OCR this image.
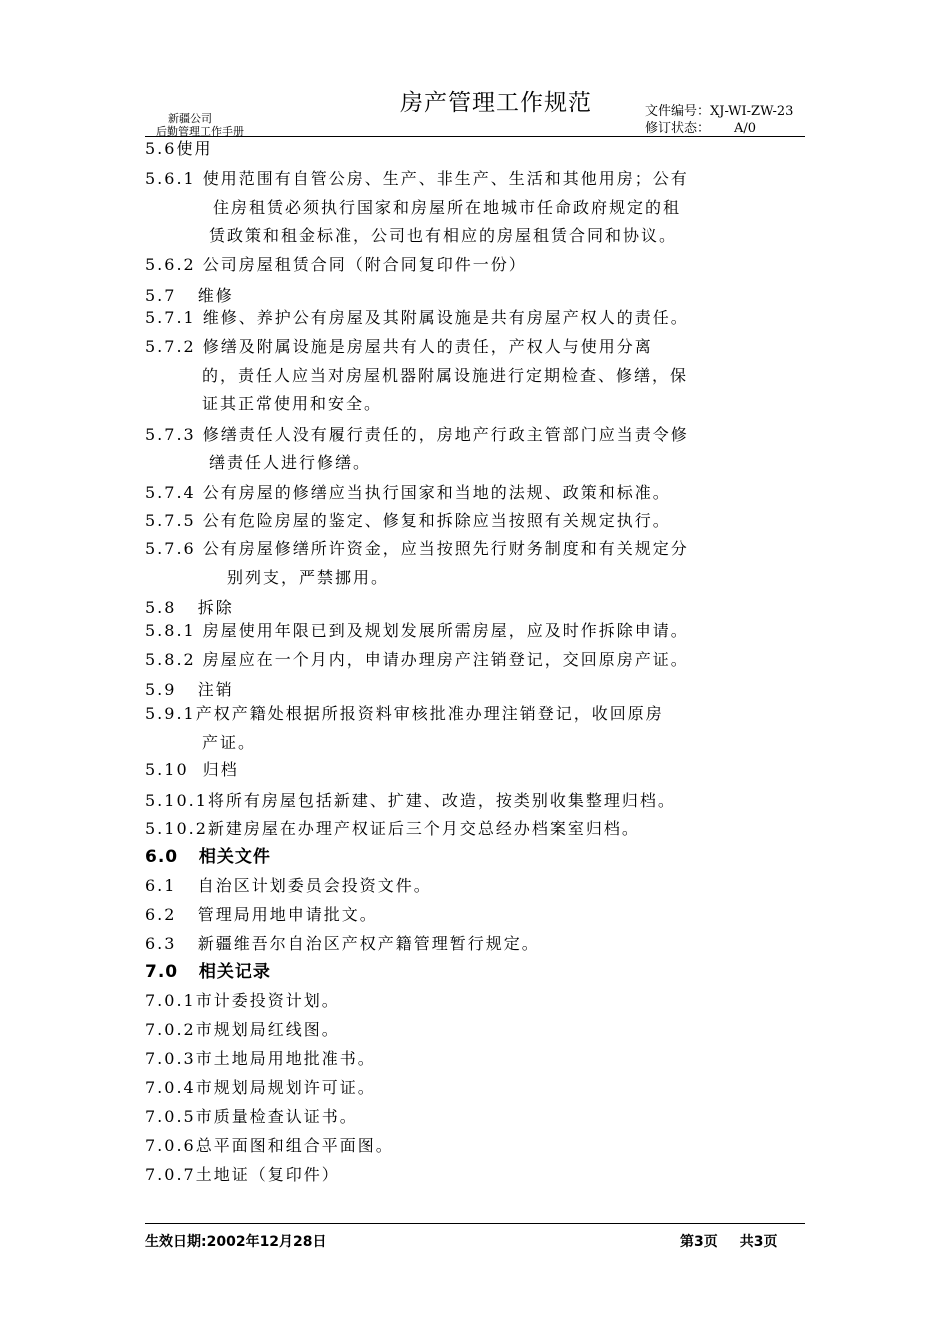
新疆公司
后勤管理工作手册
房产管理工作规范	文件编号：XJ-WI-ZW-23
修订状态： A/0
5.6使用
5.6.1 使用范围有自管公房、生产、非生产、生活和其他用房；公有
住房租赁必须执行国家和房屋所在地城市任命政府规定的租
赁政策和租金标准，公司也有相应的房屋租赁合同和协议。
5.6.2 公司房屋租赁合同（附合同复印件一份）
5.7   维修
5.7.1 维修、养护公有房屋及其附属设施是共有房屋产权人的责任。
5.7.2 修缮及附属设施是房屋共有人的责任，产权人与使用分离
的，责任人应当对房屋机器附属设施进行定期检查、修缮，保
证其正常使用和安全。
5.7.3 修缮责任人没有履行责任的，房地产行政主管部门应当责令修
缮责任人进行修缮。
5.7.4 公有房屋的修缮应当执行国家和当地的法规、政策和标准。
5.7.5 公有危险房屋的鉴定、修复和拆除应当按照有关规定执行。
5.7.6 公有房屋修缮所许资金，应当按照先行财务制度和有关规定分
别列支，严禁挪用。
5.8   拆除
5.8.1 房屋使用年限已到及规划发展所需房屋，应及时作拆除申请。
5.8.2 房屋应在一个月内，申请办理房产注销登记，交回原房产证。
5.9   注销
5.9.1产权产籍处根据所报资料审核批准办理注销登记，收回原房
产证。
5.10  归档
5.10.1将所有房屋包括新建、扩建、改造，按类别收集整理归档。
5.10.2新建房屋在办理产权证后三个月交总经办档案室归档。
6.0   相关文件
6.1   自治区计划委员会投资文件。
6.2   管理局用地申请批文。
6.3   新疆维吾尔自治区产权产籍管理暂行规定。
7.0   相关记录
7.0.1市计委投资计划。
7.0.2市规划局红线图。
7.0.3市土地局用地批准书。
7.0.4市规划局规划许可证。
7.0.5市质量检查认证书。
7.0.6总平面图和组合平面图。
7.0.7土地证（复印件）
生效日期:2002年12月28日	第3页 共3页
